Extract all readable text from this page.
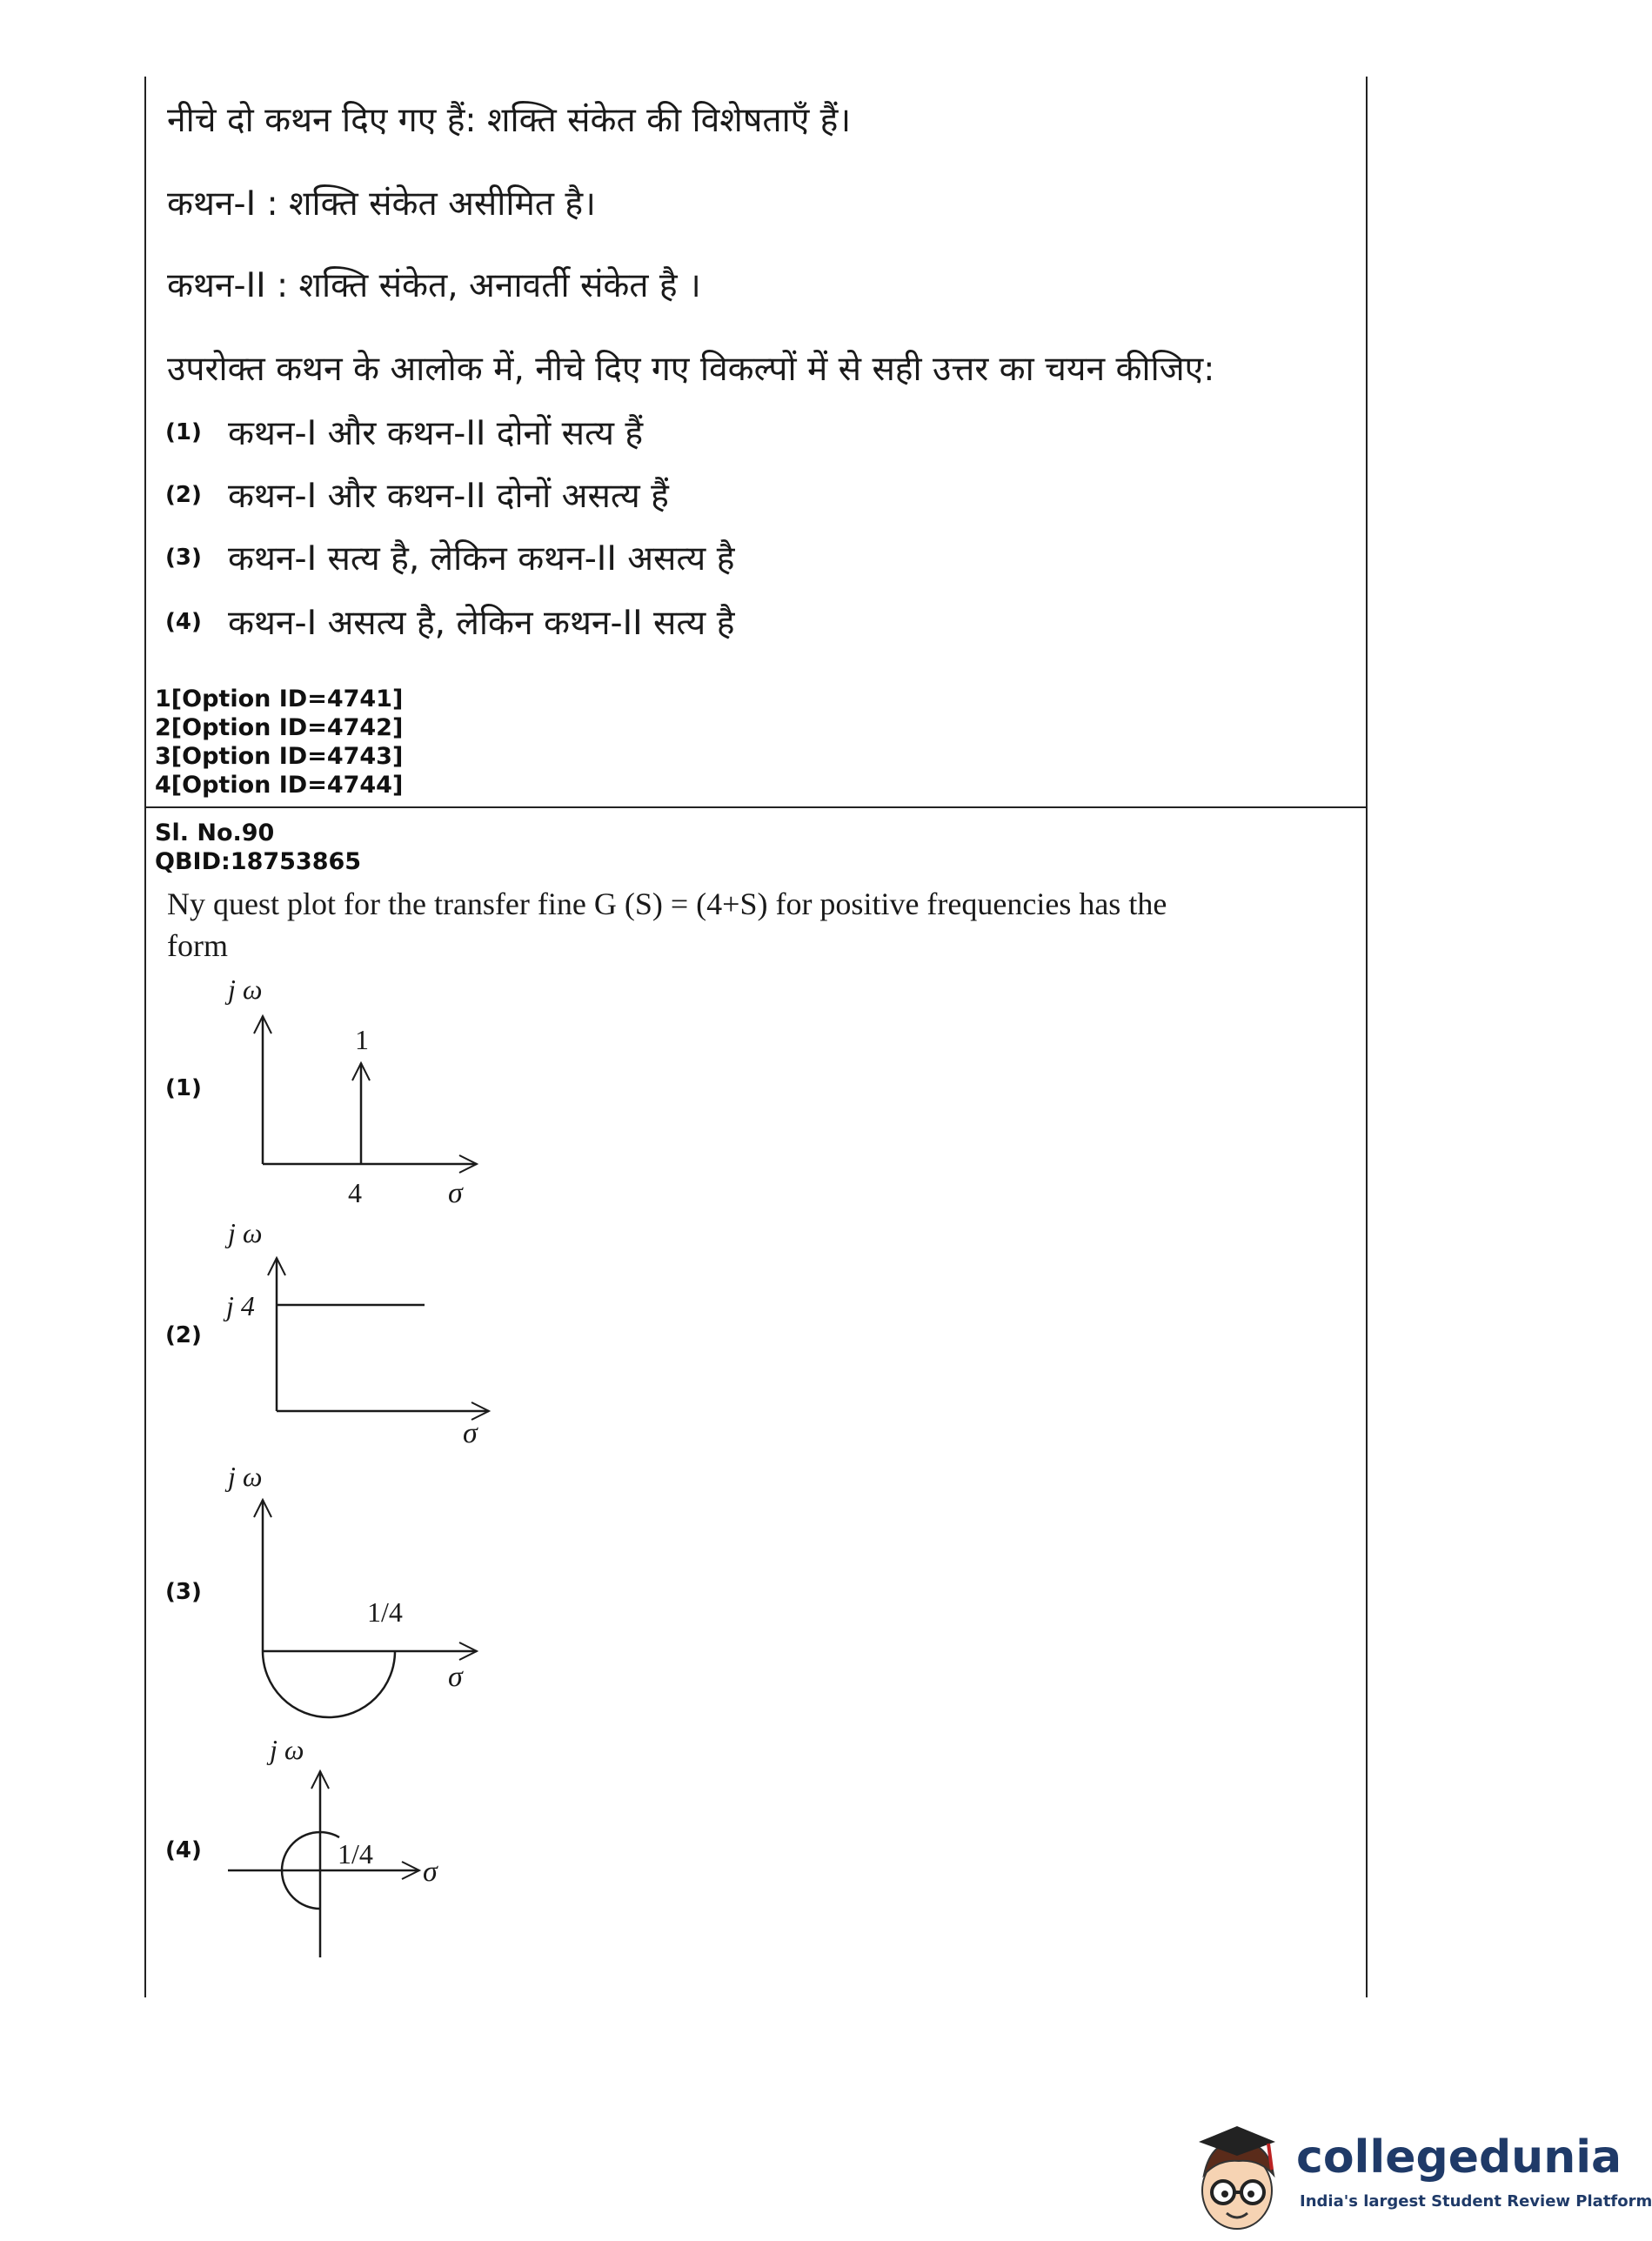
नीचे दो कथन दिए गए हैं: शक्ति संकेत की विशेषताएँ हैं।
कथन-I : शक्ति संकेत असीमित है।
कथन-II : शक्ति संकेत, अनावर्ती संकेत है ।
उपरोक्त कथन के आलोक में, नीचे दिए गए विकल्पों में से सही उत्तर का चयन कीजिए:
(1) कथन-I और कथन-II दोनों सत्य हैं
(2) कथन-I और कथन-II दोनों असत्य हैं
(3) कथन-I सत्य है, लेकिन कथन-II असत्य है
(4) कथन-I असत्य है, लेकिन कथन-II सत्य है
1[Option ID=4741]
2[Option ID=4742]
3[Option ID=4743]
4[Option ID=4744]
Sl. No.90
QBID:18753865
Ny quest plot for the transfer fine G (S) = (4+S) for positive frequencies has the
form
(1)
(2)
(3)
(4)
j ω
1
4	σ
j ω
j 4
σ
j ω
1/4
σ
j ω
1/4
σ
collegedunia
India's largest Student Review Platform
